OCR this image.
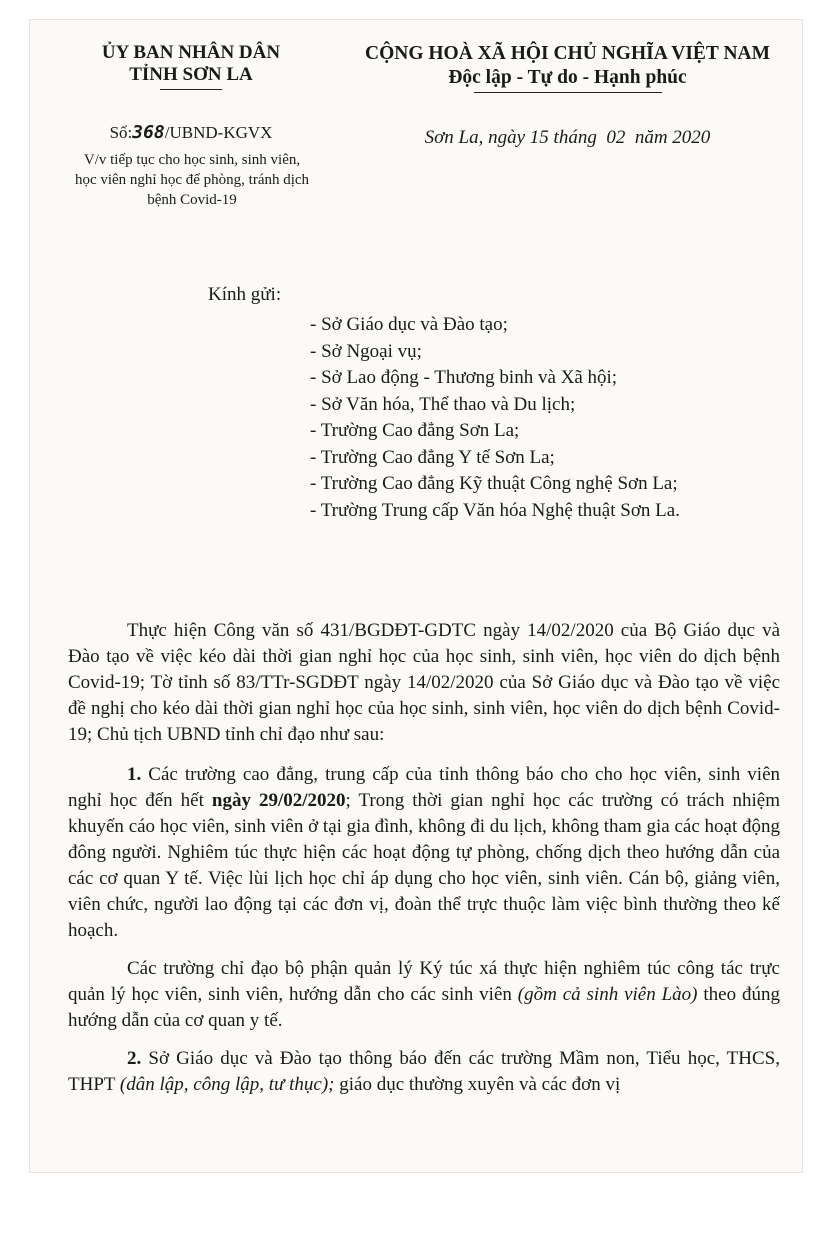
ỦY BAN NHÂN DÂN
TỈNH SƠN LA
CỘNG HOÀ XÃ HỘI CHỦ NGHĨA VIỆT NAM
Độc lập - Tự do - Hạnh phúc
Số:368/UBND-KGVX
V/v tiếp tục cho học sinh, sinh viên,
học viên nghỉ học để phòng, tránh dịch
bệnh Covid-19
Sơn La, ngày 15 tháng  02  năm 2020
Kính gửi:
- Sở Giáo dục và Đào tạo;
- Sở Ngoại vụ;
- Sở Lao động - Thương binh và Xã hội;
- Sở Văn hóa, Thể thao và Du lịch;
- Trường Cao đẳng Sơn La;
- Trường Cao đẳng Y tế Sơn La;
- Trường Cao đẳng Kỹ thuật Công nghệ Sơn La;
- Trường Trung cấp Văn hóa Nghệ thuật Sơn La.

Thực hiện Công văn số 431/BGDĐT-GDTC ngày 14/02/2020 của Bộ Giáo dục và Đào tạo về việc kéo dài thời gian nghỉ học của học sinh, sinh viên, học viên do dịch bệnh Covid-19; Tờ tỉnh số 83/TTr-SGDĐT ngày 14/02/2020 của Sở Giáo dục và Đào tạo về việc đề nghị cho kéo dài thời gian nghỉ học của học sinh, sinh viên, học viên do dịch bệnh Covid-19; Chủ tịch UBND tỉnh chỉ đạo như sau:

1. Các trường cao đẳng, trung cấp của tỉnh thông báo cho cho học viên, sinh viên nghỉ học đến hết ngày 29/02/2020; Trong thời gian nghỉ học các trường có trách nhiệm khuyến cáo học viên, sinh viên ở tại gia đình, không đi du lịch, không tham gia các hoạt động đông người. Nghiêm túc thực hiện các hoạt động tự phòng, chống dịch theo hướng dẫn của các cơ quan Y tế. Việc lùi lịch học chỉ áp dụng cho học viên, sinh viên. Cán bộ, giảng viên, viên chức, người lao động tại các đơn vị, đoàn thể trực thuộc làm việc bình thường theo kế hoạch.

Các trường chỉ đạo bộ phận quản lý Ký túc xá thực hiện nghiêm túc công tác trực quản lý học viên, sinh viên, hướng dẫn cho các sinh viên (gồm cả sinh viên Lào) theo đúng hướng dẫn của cơ quan y tế.

2. Sở Giáo dục và Đào tạo thông báo đến các trường Mầm non, Tiểu học, THCS, THPT (dân lập, công lập, tư thục); giáo dục thường xuyên và các đơn vị
